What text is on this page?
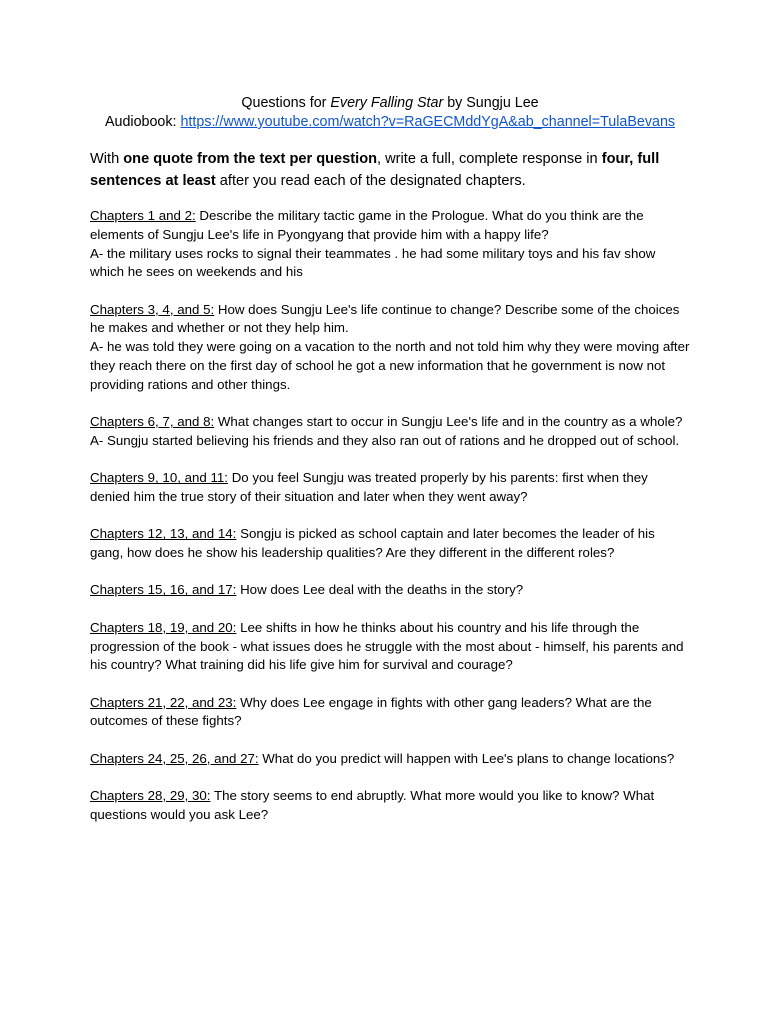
Questions for Every Falling Star by Sungju Lee
Audiobook: https://www.youtube.com/watch?v=RaGECMddYgA&ab_channel=TulaBevans
With one quote from the text per question, write a full, complete response in four, full sentences at least after you read each of the designated chapters.
Chapters 1 and 2: Describe the military tactic game in the Prologue. What do you think are the elements of Sungju Lee's life in Pyongyang that provide him with a happy life?
A- the military uses rocks to signal their teammates . he had some military toys and his fav show which he sees on weekends and his
Chapters 3, 4, and 5: How does Sungju Lee's life continue to change? Describe some of the choices he makes and whether or not they help him.
A- he was told they were going on a vacation to the north and not told him why they were moving after they reach there on the first day of school he got a new information that he government is now not providing rations and other things.
Chapters 6, 7, and 8: What changes start to occur in Sungju Lee's life and in the country as a whole?
A- Sungju started believing his friends and they also ran out of rations and he dropped out of school.
Chapters 9, 10, and 11: Do you feel Sungju was treated properly by his parents: first when they denied him the true story of their situation and later when they went away?
Chapters 12, 13, and 14: Songju is picked as school captain and later becomes the leader of his gang, how does he show his leadership qualities? Are they different in the different roles?
Chapters 15, 16, and 17: How does Lee deal with the deaths in the story?
Chapters 18, 19, and 20: Lee shifts in how he thinks about his country and his life through the progression of the book - what issues does he struggle with the most about - himself, his parents and his country? What training did his life give him for survival and courage?
Chapters 21, 22, and 23: Why does Lee engage in fights with other gang leaders? What are the outcomes of these fights?
Chapters 24, 25, 26, and 27: What do you predict will happen with Lee's plans to change locations?
Chapters 28, 29, 30: The story seems to end abruptly. What more would you like to know? What questions would you ask Lee?
